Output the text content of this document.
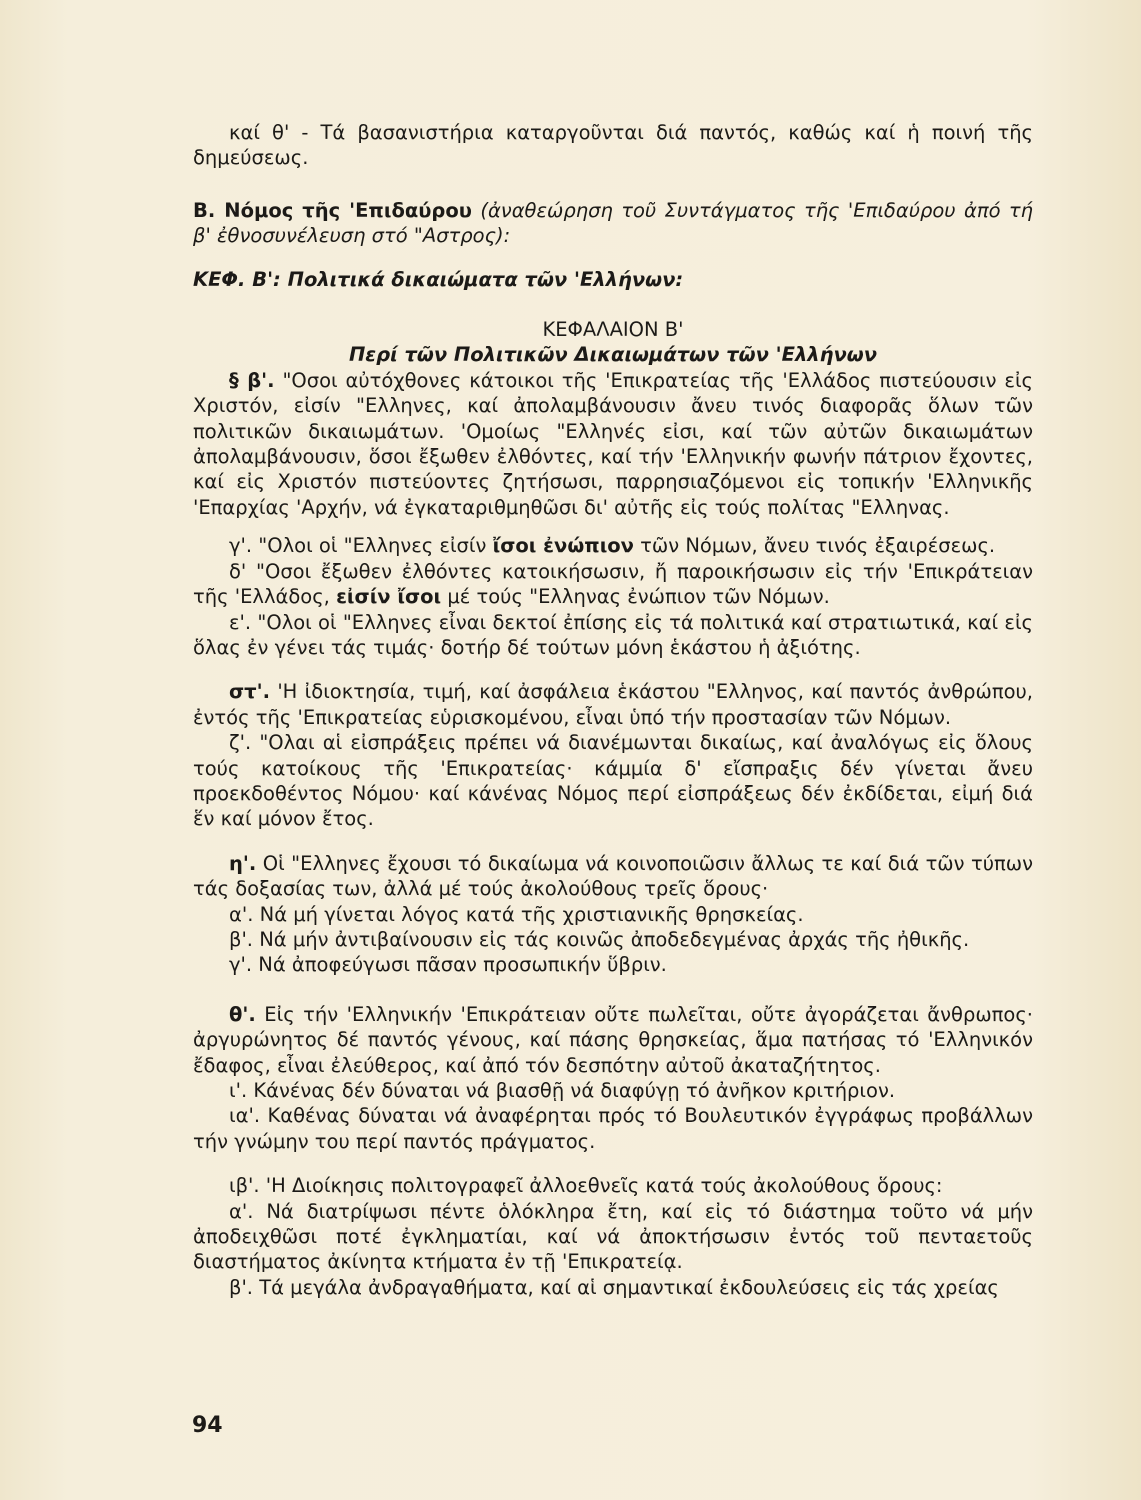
καί θ' - Τά βασανιστήρια καταργοῦνται διά παντός, καθώς καί ἡ ποινή τῆς δημεύσεως.

Β. Νόμος τῆς 'Επιδαύρου (ἀναθεώρηση τοῦ Συντάγματος τῆς 'Επιδαύρου ἀπό τή β' ἐθνοσυνέλευση στό "Αστρος):

ΚΕΦ. Β': Πολιτικά δικαιώματα τῶν 'Ελλήνων:

ΚΕΦΑΛΑΙΟΝ Β'

Περί τῶν Πολιτικῶν Δικαιωμάτων τῶν 'Ελλήνων

§ β'. "Οσοι αὐτόχθονες κάτοικοι τῆς 'Επικρατείας τῆς 'Ελλάδος πιστεύουσιν εἰς Χριστόν, εἰσίν "Ελληνες, καί ἀπολαμβάνουσιν ἄνευ τινός διαφορᾶς ὅλων τῶν πολιτικῶν δικαιωμάτων. 'Ομοίως "Ελληνές εἰσι, καί τῶν αὐτῶν δικαιωμάτων ἀπολαμβάνουσιν, ὅσοι ἔξωθεν ἐλθόντες, καί τήν 'Ελληνικήν φωνήν πάτριον ἔχοντες, καί εἰς Χριστόν πιστεύοντες ζητήσωσι, παρρησιαζόμενοι εἰς τοπικήν 'Ελληνικῆς 'Επαρχίας 'Αρχήν, νά ἐγκαταριθμηθῶσι δι' αὐτῆς εἰς τούς πολίτας "Ελληνας.

γ'. "Ολοι οἱ "Ελληνες εἰσίν ἴσοι ἐνώπιον τῶν Νόμων, ἄνευ τινός ἐξαιρέσεως.

δ' "Οσοι ἔξωθεν ἐλθόντες κατοικήσωσιν, ἤ παροικήσωσιν εἰς τήν 'Επικράτειαν τῆς 'Ελλάδος, εἰσίν ἴσοι μέ τούς "Ελληνας ἐνώπιον τῶν Νόμων.

ε'. "Ολοι οἱ "Ελληνες εἶναι δεκτοί ἐπίσης εἰς τά πολιτικά καί στρατιωτικά, καί εἰς ὅλας ἐν γένει τάς τιμάς· δοτήρ δέ τούτων μόνη ἑκάστου ἡ ἀξιότης.

στ'. 'Η ἰδιοκτησία, τιμή, καί ἀσφάλεια ἑκάστου "Ελληνος, καί παντός ἀνθρώπου, ἐντός τῆς 'Επικρατείας εὑρισκομένου, εἶναι ὑπό τήν προστασίαν τῶν Νόμων.

ζ'. "Ολαι αἱ εἰσπράξεις πρέπει νά διανέμωνται δικαίως, καί ἀναλόγως εἰς ὅλους τούς κατοίκους τῆς 'Επικρατείας· κάμμία δ' εἴσπραξις δέν γίνεται ἄνευ προεκδοθέντος Νόμου· καί κάνένας Νόμος περί εἰσπράξεως δέν ἐκδίδεται, εἰμή διά ἕν καί μόνον ἔτος.

η'. Οἱ "Ελληνες ἔχουσι τό δικαίωμα νά κοινοποιῶσιν ἄλλως τε καί διά τῶν τύπων τάς δοξασίας των, ἀλλά μέ τούς ἀκολούθους τρεῖς ὅρους·

α'. Νά μή γίνεται λόγος κατά τῆς χριστιανικῆς θρησκείας.

β'. Νά μήν ἀντιβαίνουσιν εἰς τάς κοινῶς ἀποδεδεγμένας ἀρχάς τῆς ἠθικῆς.

γ'. Νά ἀποφεύγωσι πᾶσαν προσωπικήν ὕβριν.

θ'. Εἰς τήν 'Ελληνικήν 'Επικράτειαν οὔτε πωλεῖται, οὔτε ἀγοράζεται ἄνθρωπος· ἀργυρώνητος δέ παντός γένους, καί πάσης θρησκείας, ἅμα πατήσας τό 'Ελληνικόν ἔδαφος, εἶναι ἐλεύθερος, καί ἀπό τόν δεσπότην αὐτοῦ ἀκαταζήτητος.

ι'. Κάνένας δέν δύναται νά βιασθῇ νά διαφύγῃ τό ἀνῆκον κριτήριον.

ια'. Καθένας δύναται νά ἀναφέρηται πρός τό Βουλευτικόν ἐγγράφως προβάλλων τήν γνώμην του περί παντός πράγματος.

ιβ'. 'Η Διοίκησις πολιτογραφεῖ ἀλλοεθνεῖς κατά τούς ἀκολούθους ὅρους:

α'. Νά διατρίψωσι πέντε ὁλόκληρα ἔτη, καί εἰς τό διάστημα τοῦτο νά μήν ἀποδειχθῶσι ποτέ ἐγκληματίαι, καί νά ἀποκτήσωσιν ἐντός τοῦ πενταετοῦς διαστήματος ἀκίνητα κτήματα ἐν τῇ 'Επικρατείᾳ.

β'. Τά μεγάλα ἀνδραγαθήματα, καί αἱ σημαντικαί ἐκδουλεύσεις εἰς τάς χρείας

94
